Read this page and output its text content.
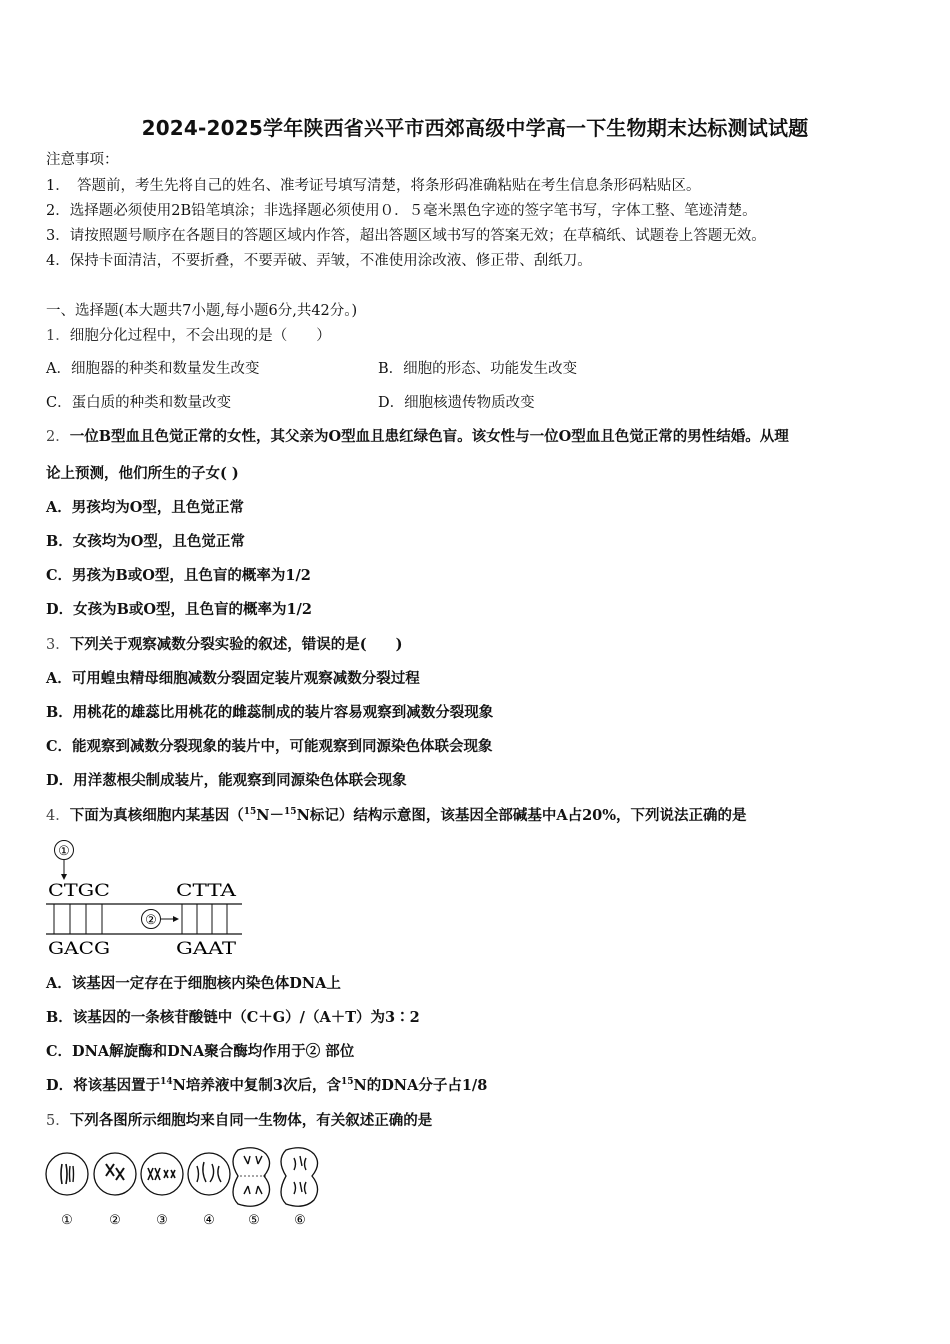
2024-2025学年陕西省兴平市西郊高级中学高一下生物期末达标测试试题
注意事项：
1．　答题前，考生先将自己的姓名、准考证号填写清楚，将条形码准确粘贴在考生信息条形码粘贴区。
2．选择题必须使用2B铅笔填涂；非选择题必须使用０．５毫米黑色字迹的签字笔书写，字体工整、笔迹清楚。
3．请按照题号顺序在各题目的答题区域内作答，超出答题区域书写的答案无效；在草稿纸、试题卷上答题无效。
4．保持卡面清洁，不要折叠，不要弄破、弄皱，不准使用涂改液、修正带、刮纸刀。
一、选择题(本大题共7小题,每小题6分,共42分。)
1．细胞分化过程中，不会出现的是（　　）
A．细胞器的种类和数量发生改变	B．细胞的形态、功能发生改变
C．蛋白质的种类和数量改变	D．细胞核遗传物质改变
2．一位B型血且色觉正常的女性，其父亲为O型血且患红绿色盲。该女性与一位O型血且色觉正常的男性结婚。从理
论上预测，他们所生的子女( )
A．男孩均为O型，且色觉正常
B．女孩均为O型，且色觉正常
C．男孩为B或O型，且色盲的概率为1/2
D．女孩为B或O型，且色盲的概率为1/2
3．下列关于观察减数分裂实验的叙述，错误的是(　　)
A．可用蝗虫精母细胞减数分裂固定装片观察减数分裂过程
B．用桃花的雄蕊比用桃花的雌蕊制成的装片容易观察到减数分裂现象
C．能观察到减数分裂现象的装片中，可能观察到同源染色体联会现象
D．用洋葱根尖制成装片，能观察到同源染色体联会现象
4．下面为真核细胞内某基因（$^{15}$N－$^{15}$N标记）结构示意图，该基因全部碱基中A占20%，下列说法正确的是
①
CTGC	CTTA
②
GACG	GAAT
A．该基因一定存在于细胞核内染色体DNA上
B．该基因的一条核苷酸链中（C＋G）/（A＋T）为3∶2
C．DNA解旋酶和DNA聚合酶均作用于② 部位
D．将该基因置于$^{14}$N培养液中复制3次后，含$^{15}$N的DNA分子占1/8
5．下列各图所示细胞均来自同一生物体，有关叙述正确的是
①	②	③	④	⑤	⑥
